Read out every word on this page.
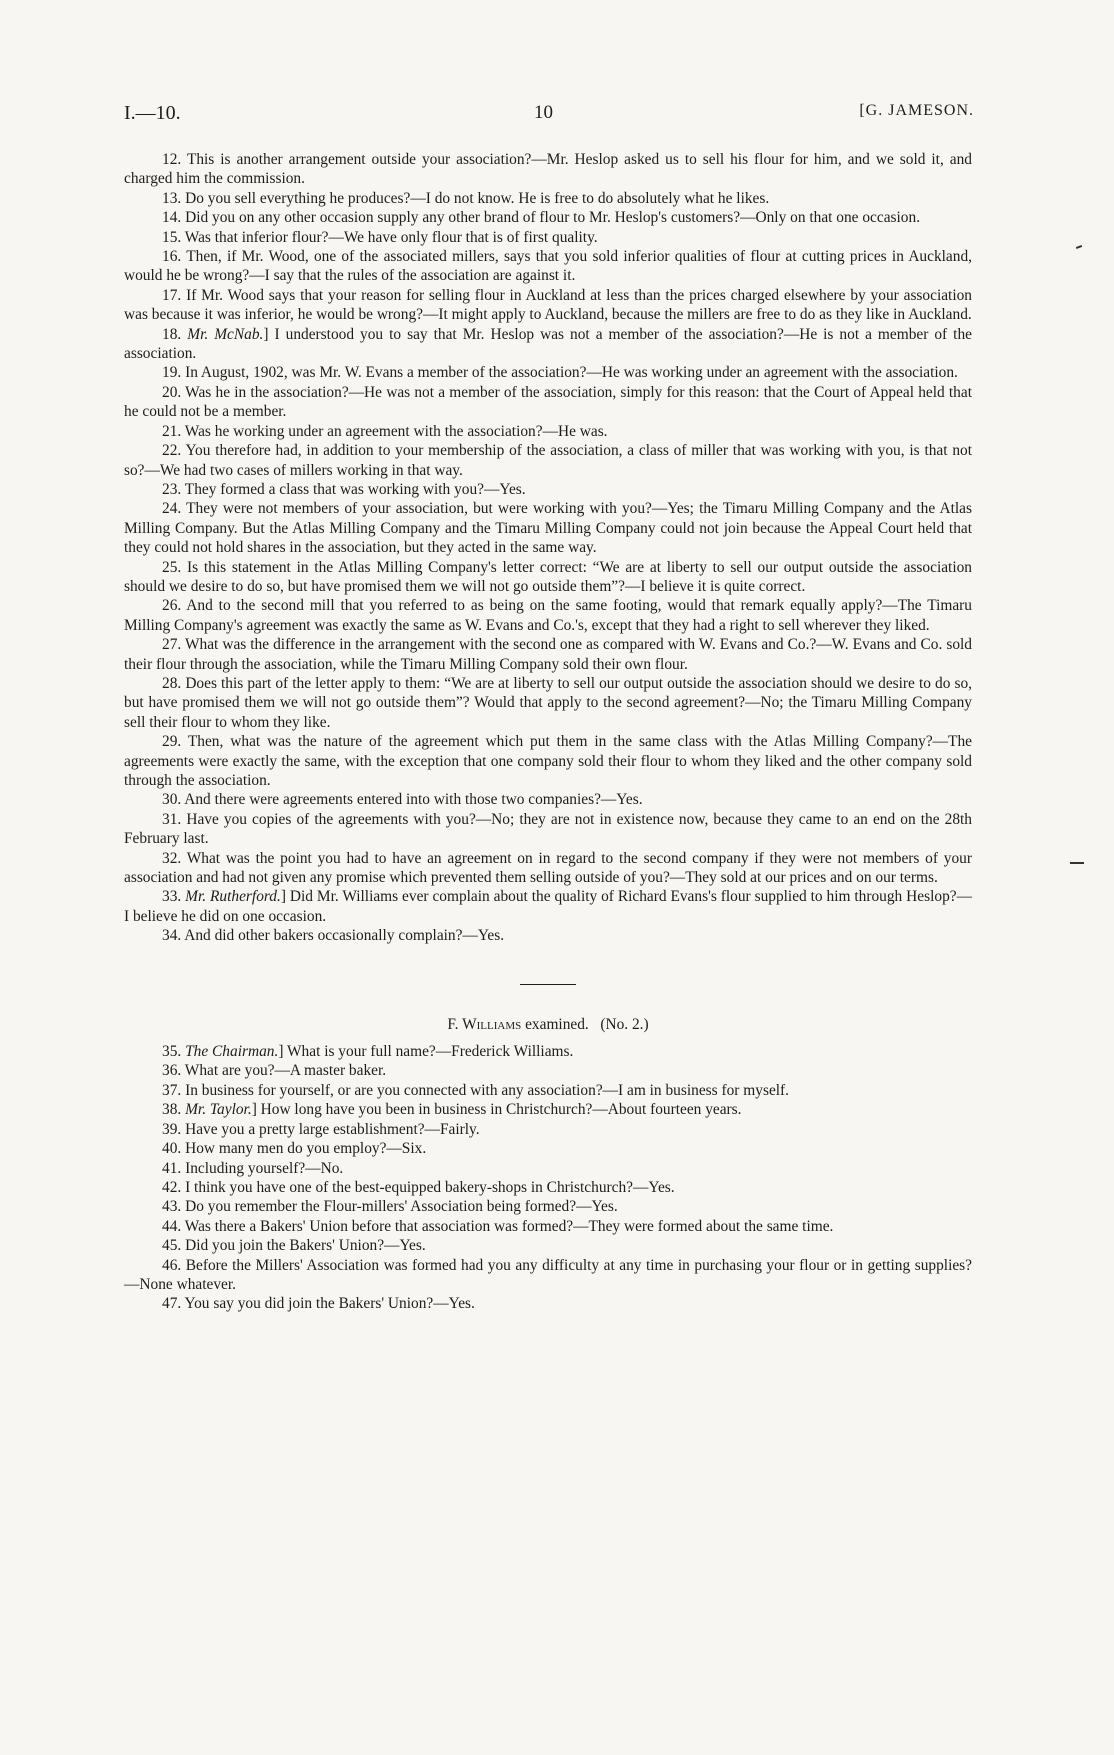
I.—10.	10	[G. JAMESON.

12. This is another arrangement outside your association?—Mr. Heslop asked us to sell his flour for him, and we sold it, and charged him the commission.

13. Do you sell everything he produces?—I do not know. He is free to do absolutely what he likes.

14. Did you on any other occasion supply any other brand of flour to Mr. Heslop's customers?—Only on that one occasion.

15. Was that inferior flour?—We have only flour that is of first quality.

16. Then, if Mr. Wood, one of the associated millers, says that you sold inferior qualities of flour at cutting prices in Auckland, would he be wrong?—I say that the rules of the association are against it.

17. If Mr. Wood says that your reason for selling flour in Auckland at less than the prices charged elsewhere by your association was because it was inferior, he would be wrong?—It might apply to Auckland, because the millers are free to do as they like in Auckland.

18. Mr. McNab.] I understood you to say that Mr. Heslop was not a member of the association?—He is not a member of the association.

19. In August, 1902, was Mr. W. Evans a member of the association?—He was working under an agreement with the association.

20. Was he in the association?—He was not a member of the association, simply for this reason: that the Court of Appeal held that he could not be a member.

21. Was he working under an agreement with the association?—He was.

22. You therefore had, in addition to your membership of the association, a class of miller that was working with you, is that not so?—We had two cases of millers working in that way.

23. They formed a class that was working with you?—Yes.

24. They were not members of your association, but were working with you?—Yes; the Timaru Milling Company and the Atlas Milling Company. But the Atlas Milling Company and the Timaru Milling Company could not join because the Appeal Court held that they could not hold shares in the association, but they acted in the same way.

25. Is this statement in the Atlas Milling Company's letter correct: “We are at liberty to sell our output outside the association should we desire to do so, but have promised them we will not go outside them”?—I believe it is quite correct.

26. And to the second mill that you referred to as being on the same footing, would that remark equally apply?—The Timaru Milling Company's agreement was exactly the same as W. Evans and Co.'s, except that they had a right to sell wherever they liked.

27. What was the difference in the arrangement with the second one as compared with W. Evans and Co.?—W. Evans and Co. sold their flour through the association, while the Timaru Milling Company sold their own flour.

28. Does this part of the letter apply to them: “We are at liberty to sell our output outside the association should we desire to do so, but have promised them we will not go outside them”? Would that apply to the second agreement?—No; the Timaru Milling Company sell their flour to whom they like.

29. Then, what was the nature of the agreement which put them in the same class with the Atlas Milling Company?—The agreements were exactly the same, with the exception that one company sold their flour to whom they liked and the other company sold through the association.

30. And there were agreements entered into with those two companies?—Yes.

31. Have you copies of the agreements with you?—No; they are not in existence now, because they came to an end on the 28th February last.

32. What was the point you had to have an agreement on in regard to the second company if they were not members of your association and had not given any promise which prevented them selling outside of you?—They sold at our prices and on our terms.

33. Mr. Rutherford.] Did Mr. Williams ever complain about the quality of Richard Evans's flour supplied to him through Heslop?—I believe he did on one occasion.

34. And did other bakers occasionally complain?—Yes.

F. Williams examined. (No. 2.)

35. The Chairman.] What is your full name?—Frederick Williams.

36. What are you?—A master baker.

37. In business for yourself, or are you connected with any association?—I am in business for myself.

38. Mr. Taylor.] How long have you been in business in Christchurch?—About fourteen years.

39. Have you a pretty large establishment?—Fairly.

40. How many men do you employ?—Six.

41. Including yourself?—No.

42. I think you have one of the best-equipped bakery-shops in Christchurch?—Yes.

43. Do you remember the Flour-millers' Association being formed?—Yes.

44. Was there a Bakers' Union before that association was formed?—They were formed about the same time.

45. Did you join the Bakers' Union?—Yes.

46. Before the Millers' Association was formed had you any difficulty at any time in purchasing your flour or in getting supplies?—None whatever.

47. You say you did join the Bakers' Union?—Yes.
